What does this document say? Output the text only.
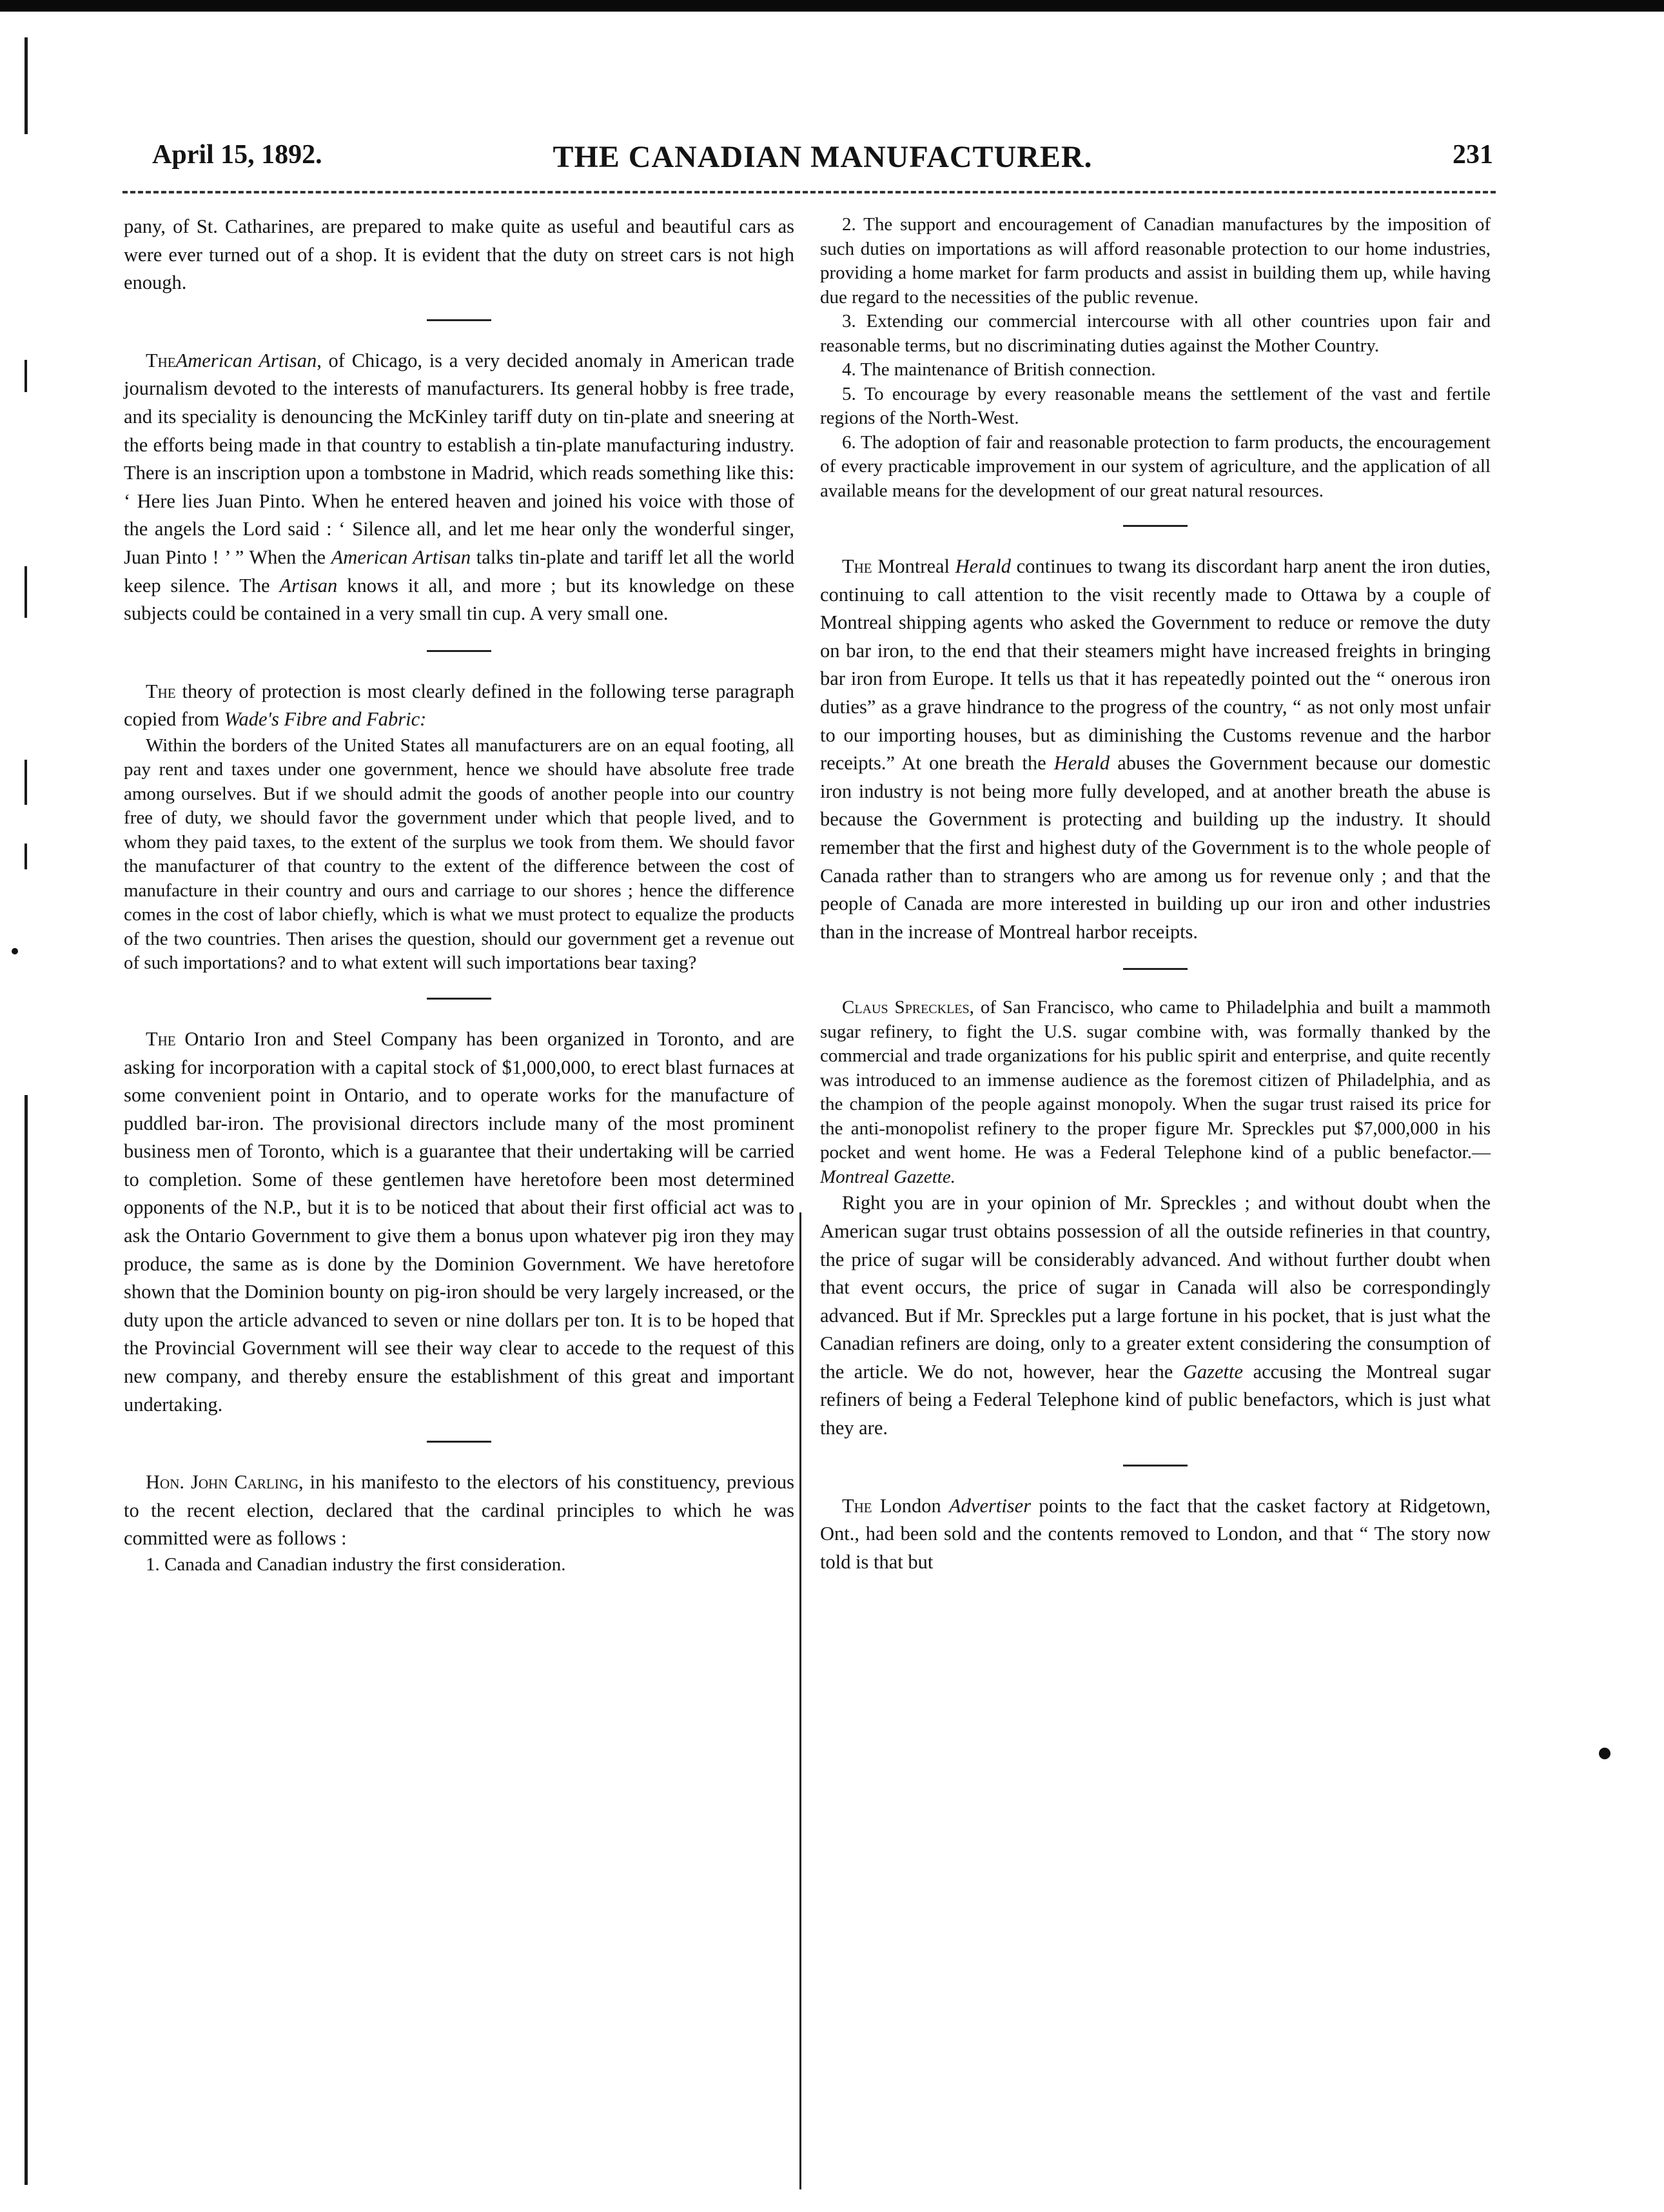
April 15, 1892.	THE CANADIAN MANUFACTURER.	231

pany, of St. Catharines, are prepared to make quite as useful and beautiful cars as were ever turned out of a shop. It is evident that the duty on street cars is not high enough.

TheAmerican Artisan, of Chicago, is a very decided anomaly in American trade journalism devoted to the interests of manufacturers. Its general hobby is free trade, and its speciality is denouncing the McKinley tariff duty on tin-plate and sneering at the efforts being made in that country to establish a tin-plate manufacturing industry. There is an inscription upon a tombstone in Madrid, which reads something like this: ‘ Here lies Juan Pinto. When he entered heaven and joined his voice with those of the angels the Lord said : ‘ Silence all, and let me hear only the wonderful singer, Juan Pinto ! ’ ” When the American Artisan talks tin-plate and tariff let all the world keep silence. The Artisan knows it all, and more ; but its knowledge on these subjects could be contained in a very small tin cup. A very small one.

The theory of protection is most clearly defined in the following terse paragraph copied from Wade's Fibre and Fabric:

Within the borders of the United States all manufacturers are on an equal footing, all pay rent and taxes under one government, hence we should have absolute free trade among ourselves. But if we should admit the goods of another people into our country free of duty, we should favor the government under which that people lived, and to whom they paid taxes, to the extent of the surplus we took from them. We should favor the manufacturer of that country to the extent of the difference between the cost of manufacture in their country and ours and carriage to our shores ; hence the difference comes in the cost of labor chiefly, which is what we must protect to equalize the products of the two countries. Then arises the question, should our government get a revenue out of such importations? and to what extent will such importations bear taxing?

The Ontario Iron and Steel Company has been organized in Toronto, and are asking for incorporation with a capital stock of $1,000,000, to erect blast furnaces at some convenient point in Ontario, and to operate works for the manufacture of puddled bar-iron. The provisional directors include many of the most prominent business men of Toronto, which is a guarantee that their undertaking will be carried to completion. Some of these gentlemen have heretofore been most determined opponents of the N.P., but it is to be noticed that about their first official act was to ask the Ontario Government to give them a bonus upon whatever pig iron they may produce, the same as is done by the Dominion Government. We have heretofore shown that the Dominion bounty on pig-iron should be very largely increased, or the duty upon the article advanced to seven or nine dollars per ton. It is to be hoped that the Provincial Government will see their way clear to accede to the request of this new company, and thereby ensure the establishment of this great and important undertaking.

Hon. John Carling, in his manifesto to the electors of his constituency, previous to the recent election, declared that the cardinal principles to which he was committed were as follows :

1. Canada and Canadian industry the first consideration.

2. The support and encouragement of Canadian manufactures by the imposition of such duties on importations as will afford reasonable protection to our home industries, providing a home market for farm products and assist in building them up, while having due regard to the necessities of the public revenue.

3. Extending our commercial intercourse with all other countries upon fair and reasonable terms, but no discriminating duties against the Mother Country.

4. The maintenance of British connection.

5. To encourage by every reasonable means the settlement of the vast and fertile regions of the North-West.

6. The adoption of fair and reasonable protection to farm products, the encouragement of every practicable improvement in our system of agriculture, and the application of all available means for the development of our great natural resources.

The Montreal Herald continues to twang its discordant harp anent the iron duties, continuing to call attention to the visit recently made to Ottawa by a couple of Montreal shipping agents who asked the Government to reduce or remove the duty on bar iron, to the end that their steamers might have increased freights in bringing bar iron from Europe. It tells us that it has repeatedly pointed out the “ onerous iron duties” as a grave hindrance to the progress of the country, “ as not only most unfair to our importing houses, but as diminishing the Customs revenue and the harbor receipts.” At one breath the Herald abuses the Government because our domestic iron industry is not being more fully developed, and at another breath the abuse is because the Government is protecting and building up the industry. It should remember that the first and highest duty of the Government is to the whole people of Canada rather than to strangers who are among us for revenue only ; and that the people of Canada are more interested in building up our iron and other industries than in the increase of Montreal harbor receipts.

Claus Spreckles, of San Francisco, who came to Philadelphia and built a mammoth sugar refinery, to fight the U.S. sugar combine with, was formally thanked by the commercial and trade organizations for his public spirit and enterprise, and quite recently was introduced to an immense audience as the foremost citizen of Philadelphia, and as the champion of the people against monopoly. When the sugar trust raised its price for the anti-monopolist refinery to the proper figure Mr. Spreckles put $7,000,000 in his pocket and went home. He was a Federal Telephone kind of a public benefactor.—Montreal Gazette.

Right you are in your opinion of Mr. Spreckles ; and without doubt when the American sugar trust obtains possession of all the outside refineries in that country, the price of sugar will be considerably advanced. And without further doubt when that event occurs, the price of sugar in Canada will also be correspondingly advanced. But if Mr. Spreckles put a large fortune in his pocket, that is just what the Canadian refiners are doing, only to a greater extent considering the consumption of the article. We do not, however, hear the Gazette accusing the Montreal sugar refiners of being a Federal Telephone kind of public benefactors, which is just what they are.

The London Advertiser points to the fact that the casket factory at Ridgetown, Ont., had been sold and the contents removed to London, and that “ The story now told is that but
